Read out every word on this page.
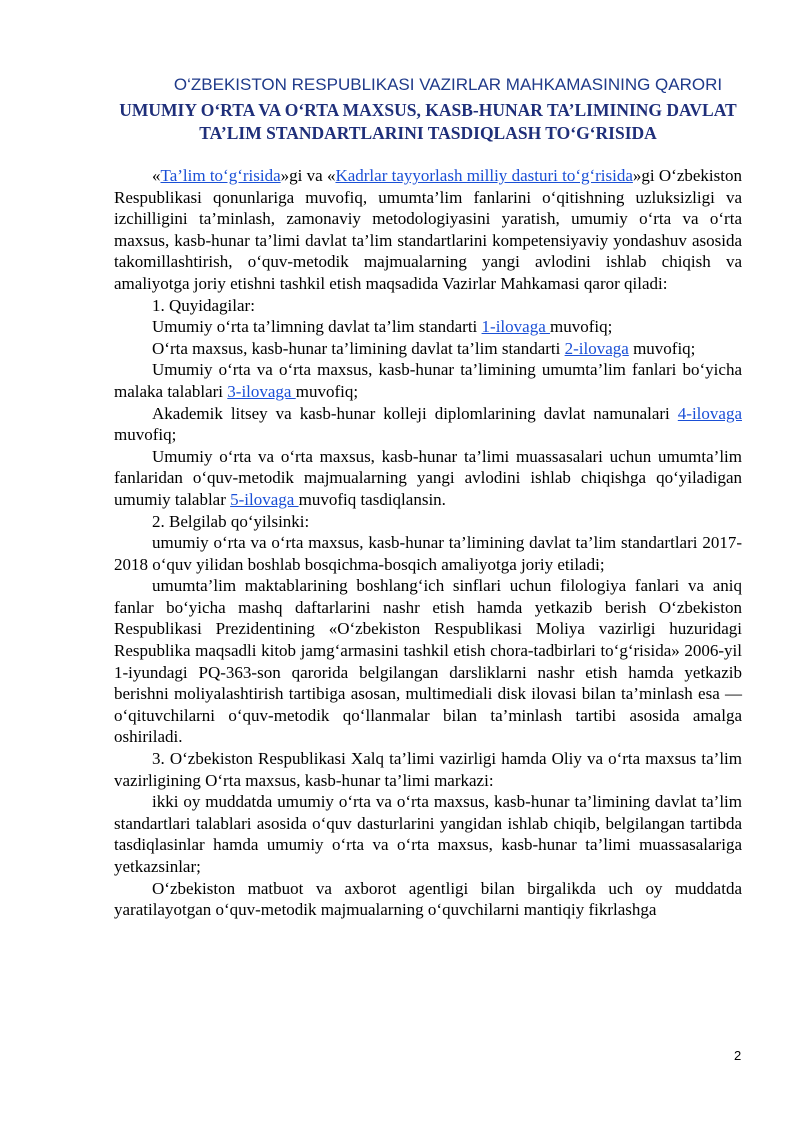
O‘ZBEKISTON RESPUBLIKASI VAZIRLAR MAHKAMASINING QARORI
UMUMIY O‘RTA VA O‘RTA MAXSUS, KASB-HUNAR TA’LIMINING DAVLAT TA’LIM STANDARTLARINI TASDIQLASH TO‘G‘RISIDA

«Ta’lim to‘g‘risida»gi va «Kadrlar tayyorlash milliy dasturi to‘g‘risida»gi O‘zbekiston Respublikasi qonunlariga muvofiq, umumta’lim fanlarini o‘qitishning uzluksizligi va izchilligini ta’minlash, zamonaviy metodologiyasini yaratish, umumiy o‘rta va o‘rta maxsus, kasb-hunar ta’limi davlat ta’lim standartlarini kompetensiyaviy yondashuv asosida takomillashtirish, o‘quv-metodik majmualarning yangi avlodini ishlab chiqish va amaliyotga joriy etishni tashkil etish maqsadida Vazirlar Mahkamasi qaror qiladi:

1. Quyidagilar:

Umumiy o‘rta ta’limning davlat ta’lim standarti 1-ilovaga muvofiq;

O‘rta maxsus, kasb-hunar ta’limining davlat ta’lim standarti 2-ilovaga muvofiq;

Umumiy o‘rta va o‘rta maxsus, kasb-hunar ta’limining umumta’lim fanlari bo‘yicha malaka talablari 3-ilovaga muvofiq;

Akademik litsey va kasb-hunar kolleji diplomlarining davlat namunalari 4-ilovaga muvofiq;

Umumiy o‘rta va o‘rta maxsus, kasb-hunar ta’limi muassasalari uchun umumta’lim fanlaridan o‘quv-metodik majmualarning yangi avlodini ishlab chiqishga qo‘yiladigan umumiy talablar 5-ilovaga muvofiq tasdiqlansin.

2. Belgilab qo‘yilsinki:

umumiy o‘rta va o‘rta maxsus, kasb-hunar ta’limining davlat ta’lim standartlari 2017-2018 o‘quv yilidan boshlab bosqichma-bosqich amaliyotga joriy etiladi;

umumta’lim maktablarining boshlang‘ich sinflari uchun filologiya fanlari va aniq fanlar bo‘yicha mashq daftarlarini nashr etish hamda yetkazib berish O‘zbekiston Respublikasi Prezidentining «O‘zbekiston Respublikasi Moliya vazirligi huzuridagi Respublika maqsadli kitob jamg‘armasini tashkil etish chora-tadbirlari to‘g‘risida» 2006-yil 1-iyundagi PQ-363-son qarorida belgilangan darsliklarni nashr etish hamda yetkazib berishni moliyalashtirish tartibiga asosan, multimediali disk ilovasi bilan ta’minlash esa — o‘qituvchilarni o‘quv-metodik qo‘llanmalar bilan ta’minlash tartibi asosida amalga oshiriladi.

3. O‘zbekiston Respublikasi Xalq ta’limi vazirligi hamda Oliy va o‘rta maxsus ta’lim vazirligining O‘rta maxsus, kasb-hunar ta’limi markazi:

ikki oy muddatda umumiy o‘rta va o‘rta maxsus, kasb-hunar ta’limining davlat ta’lim standartlari talablari asosida o‘quv dasturlarini yangidan ishlab chiqib, belgilangan tartibda tasdiqlasinlar hamda umumiy o‘rta va o‘rta maxsus, kasb-hunar ta’limi muassasalariga yetkazsinlar;

O‘zbekiston matbuot va axborot agentligi bilan birgalikda uch oy muddatda yaratilayotgan o‘quv-metodik majmualarning o‘quvchilarni mantiqiy fikrlashga

2
